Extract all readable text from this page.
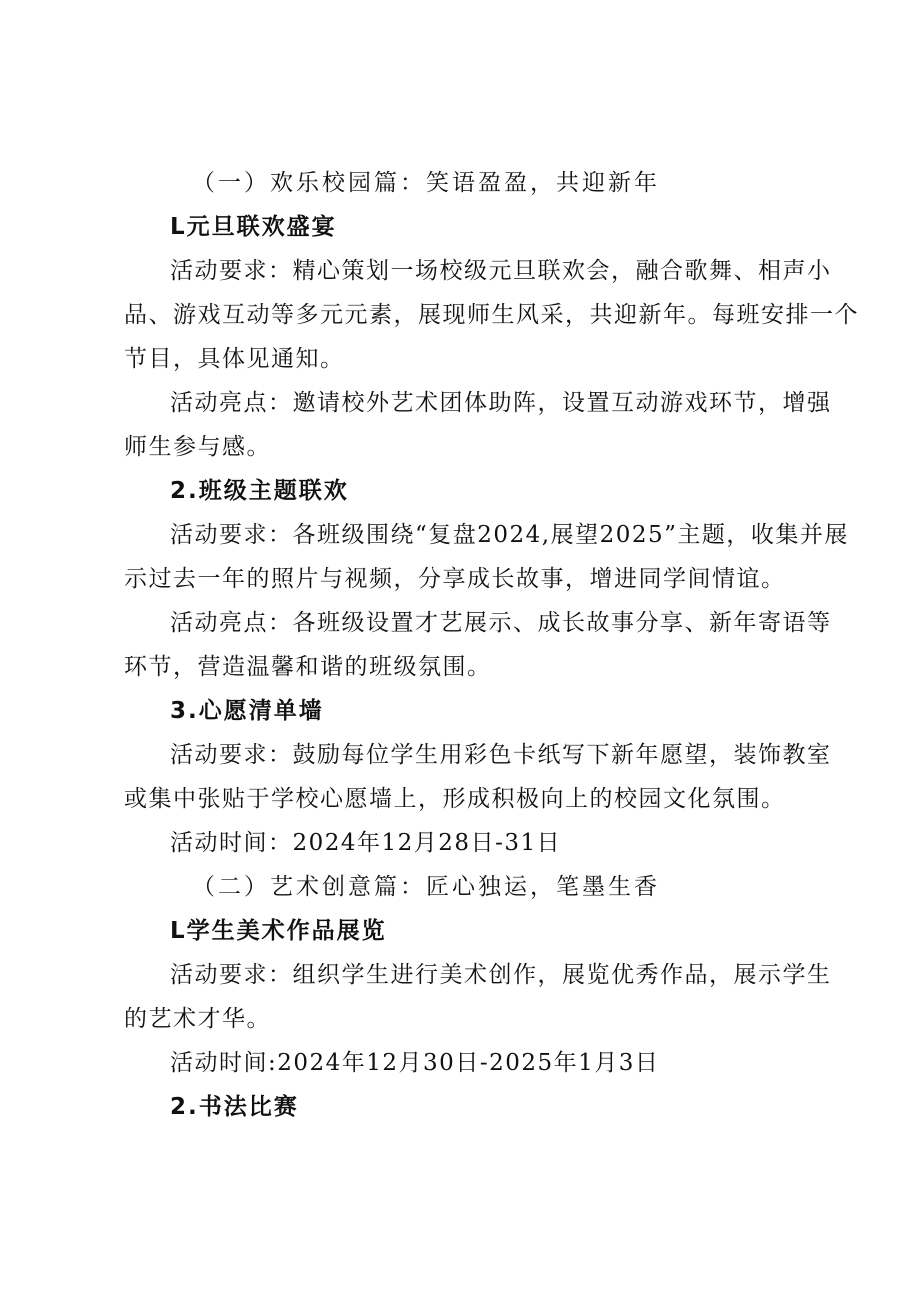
（一）欢乐校园篇：笑语盈盈，共迎新年
L元旦联欢盛宴
活动要求：精心策划一场校级元旦联欢会，融合歌舞、相声小
品、游戏互动等多元元素，展现师生风采，共迎新年。每班安排一个
节目，具体见通知。
活动亮点：邀请校外艺术团体助阵，设置互动游戏环节，增强
师生参与感。
2.班级主题联欢
活动要求：各班级围绕“复盘2024,展望2025”主题，收集并展
示过去一年的照片与视频，分享成长故事，增进同学间情谊。
活动亮点：各班级设置才艺展示、成长故事分享、新年寄语等
环节，营造温馨和谐的班级氛围。
3.心愿清单墙
活动要求：鼓励每位学生用彩色卡纸写下新年愿望，装饰教室
或集中张贴于学校心愿墙上，形成积极向上的校园文化氛围。
活动时间：2024年12月28日-31日
（二）艺术创意篇：匠心独运，笔墨生香
L学生美术作品展览
活动要求：组织学生进行美术创作，展览优秀作品，展示学生
的艺术才华。
活动时间:2024年12月30日-2025年1月3日
2.书法比赛
